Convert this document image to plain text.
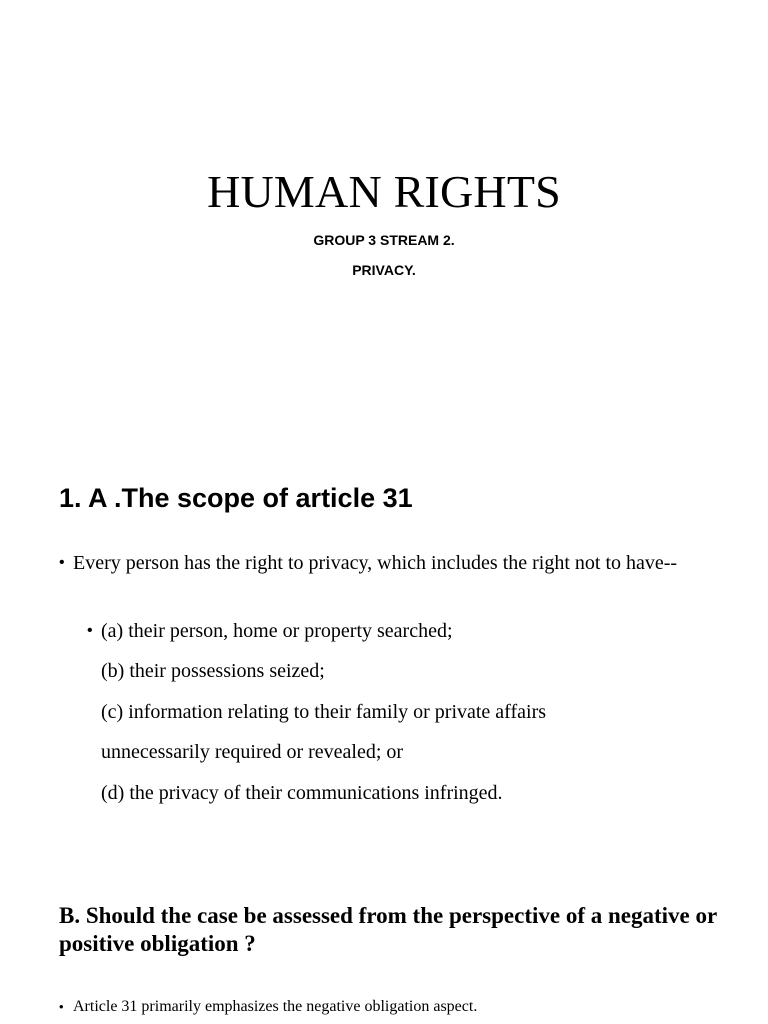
HUMAN RIGHTS
GROUP 3 STREAM 2.
PRIVACY.
1. A .The scope of article 31
• Every person has the right to privacy, which includes the right not to have--
• (a) their person, home or property searched;
(b) their possessions seized;
(c) information relating to their family or private affairs
unnecessarily required or revealed; or
(d) the privacy of their communications infringed.
B. Should the case be assessed from the perspective of a negative or positive obligation ?
• Article 31 primarily emphasizes the negative obligation aspect.
